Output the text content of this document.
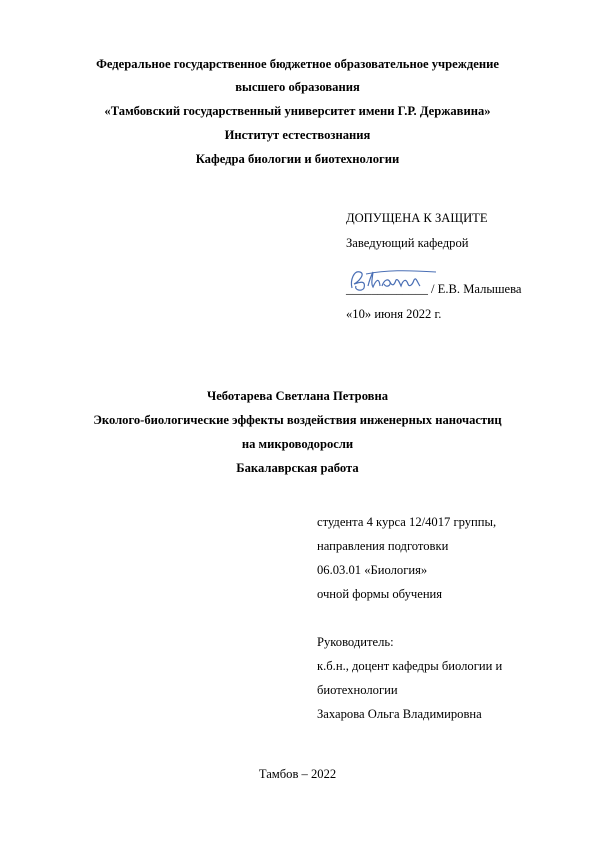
Федеральное государственное бюджетное образовательное учреждение
высшего образования
«Тамбовский государственный университет имени Г.Р. Державина»
Институт естествознания
Кафедра биологии и биотехнологии
ДОПУЩЕНА К ЗАЩИТЕ
Заведующий кафедрой
_____________ / Е.В. Малышева
«10» июня 2022 г.
Чеботарева Светлана Петровна
Эколого-биологические эффекты воздействия инженерных наночастиц
на микроводоросли
Бакалаврская работа
студента 4 курса 12/4017 группы,
направления подготовки
06.03.01 «Биология»
очной формы обучения
Руководитель:
к.б.н., доцент кафедры биологии и
биотехнологии
Захарова Ольга Владимировна
Тамбов – 2022
